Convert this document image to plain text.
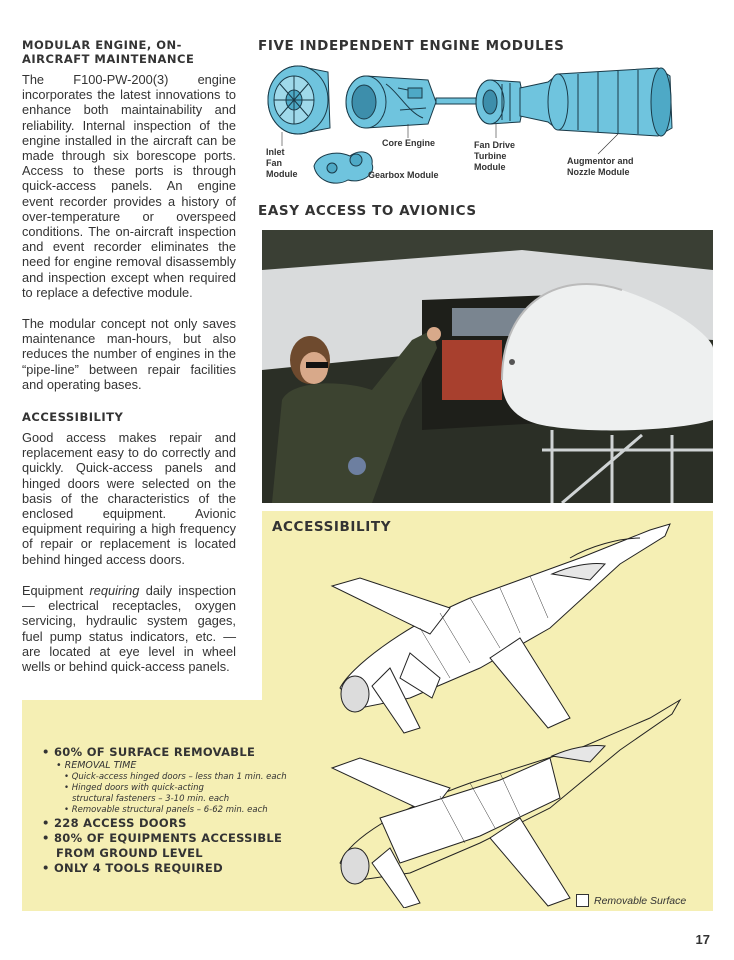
MODULAR ENGINE, ON-AIRCRAFT MAINTENANCE

The F100-PW-200(3) engine incorporates the latest innovations to enhance both maintainability and reliability. Internal inspection of the engine installed in the aircraft can be made through six borescope ports. Access to these ports is through quick-access panels. An engine event recorder provides a history of over-temperature or overspeed conditions. The on-aircraft inspection and event recorder eliminates the need for engine removal disassembly and inspection except when required to replace a defective module.

The modular concept not only saves maintenance man-hours, but also reduces the number of engines in the “pipe-line” between repair facilities and operating bases.

ACCESSIBILITY

Good access makes repair and replacement easy to do correctly and quickly. Quick-access panels and hinged doors were selected on the basis of the characteristics of the enclosed equipment. Avionic equipment requiring a high frequency of repair or replacement is located behind hinged access doors.

Equipment requiring daily inspection — electrical receptacles, oxygen servicing, hydraulic system gages, fuel pump status indicators, etc. — are located at eye level in wheel wells or behind quick-access panels.

FIVE INDEPENDENT ENGINE MODULES
Inlet
Fan
Module
Core Engine
Gearbox Module
Fan Drive
Turbine
Module
Augmentor and
Nozzle Module
EASY ACCESS TO AVIONICS
ACCESSIBILITY

• 60% OF SURFACE REMOVABLE

• REMOVAL TIME

• Quick-access hinged doors – less than 1 min. each

• Hinged doors with quick-acting

structural fasteners – 3-10 min. each

• Removable structural panels – 6-62 min. each

• 228 ACCESS DOORS

• 80% OF EQUIPMENTS ACCESSIBLE

FROM GROUND LEVEL

• ONLY 4 TOOLS REQUIRED

Removable Surface
17
